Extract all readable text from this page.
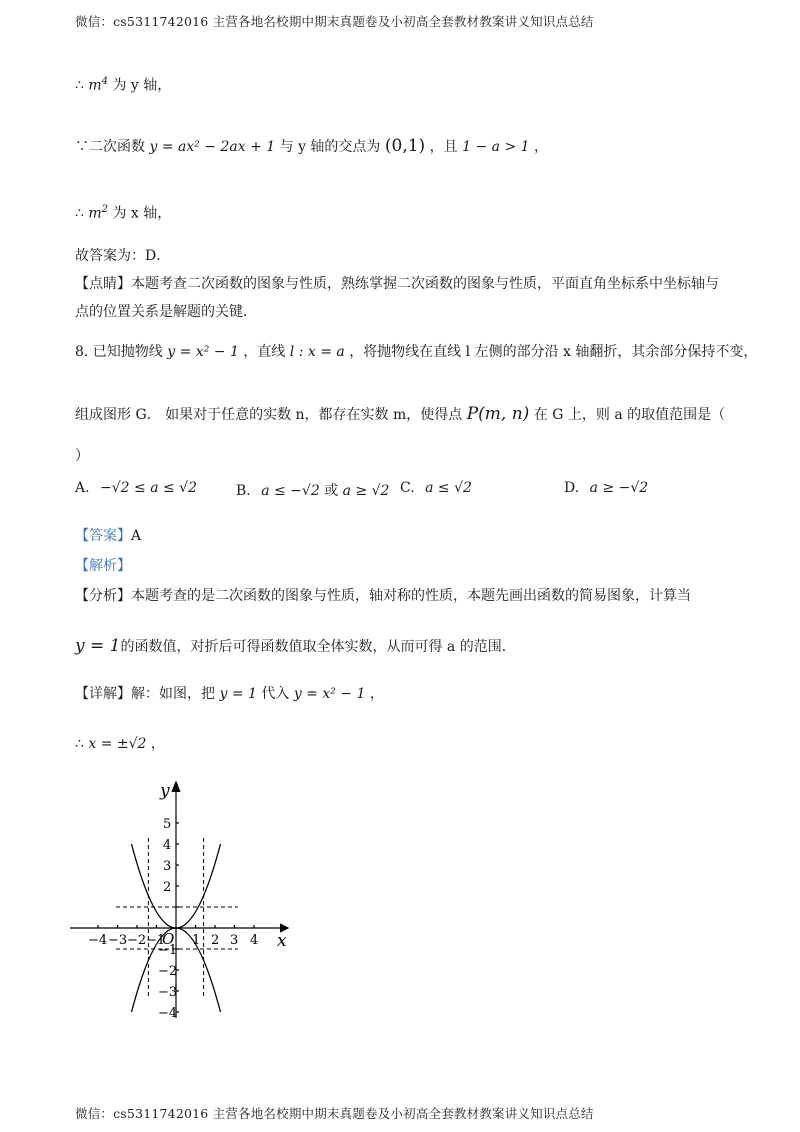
微信：cs5311742016 主营各地名校期中期末真题卷及小初高全套教材教案讲义知识点总结
∴ $m^4$ 为 y 轴，
∵二次函数 y = ax² − 2ax + 1 与 y 轴的交点为 (0,1) ，且 1 − a > 1 ，
∴ $m^2$ 为 x 轴，
故答案为：D．
【点睛】本题考查二次函数的图象与性质，熟练掌握二次函数的图象与性质，平面直角坐标系中坐标轴与
点的位置关系是解题的关键．
8. 已知抛物线 y = x² − 1 ，直线 l : x = a ，将抛物线在直线 l 左侧的部分沿 x 轴翻折，其余部分保持不变，
组成图形 G． 如果对于任意的实数 n，都存在实数 m，使得点 P(m, n) 在 G 上，则 a 的取值范围是（
）
A. −√2 ≤ a ≤ √2	B. a ≤ −√2 或 a ≥ √2 C. a ≤ √2	D. a ≥ −√2
【答案】A
【解析】
【分析】本题考查的是二次函数的图象与性质，轴对称的性质，本题先画出函数的简易图象，计算当
y = 1的函数值，对折后可得函数值取全体实数，从而可得 a 的范围．
【详解】解：如图，把 y = 1 代入 y = x² − 1 ，
∴ x = ±√2 ，
−4 −3 −2 −1 1 2 3 4
5
4
3
2
−1
−2
−3
−4
O	x
y
微信：cs5311742016 主营各地名校期中期末真题卷及小初高全套教材教案讲义知识点总结
